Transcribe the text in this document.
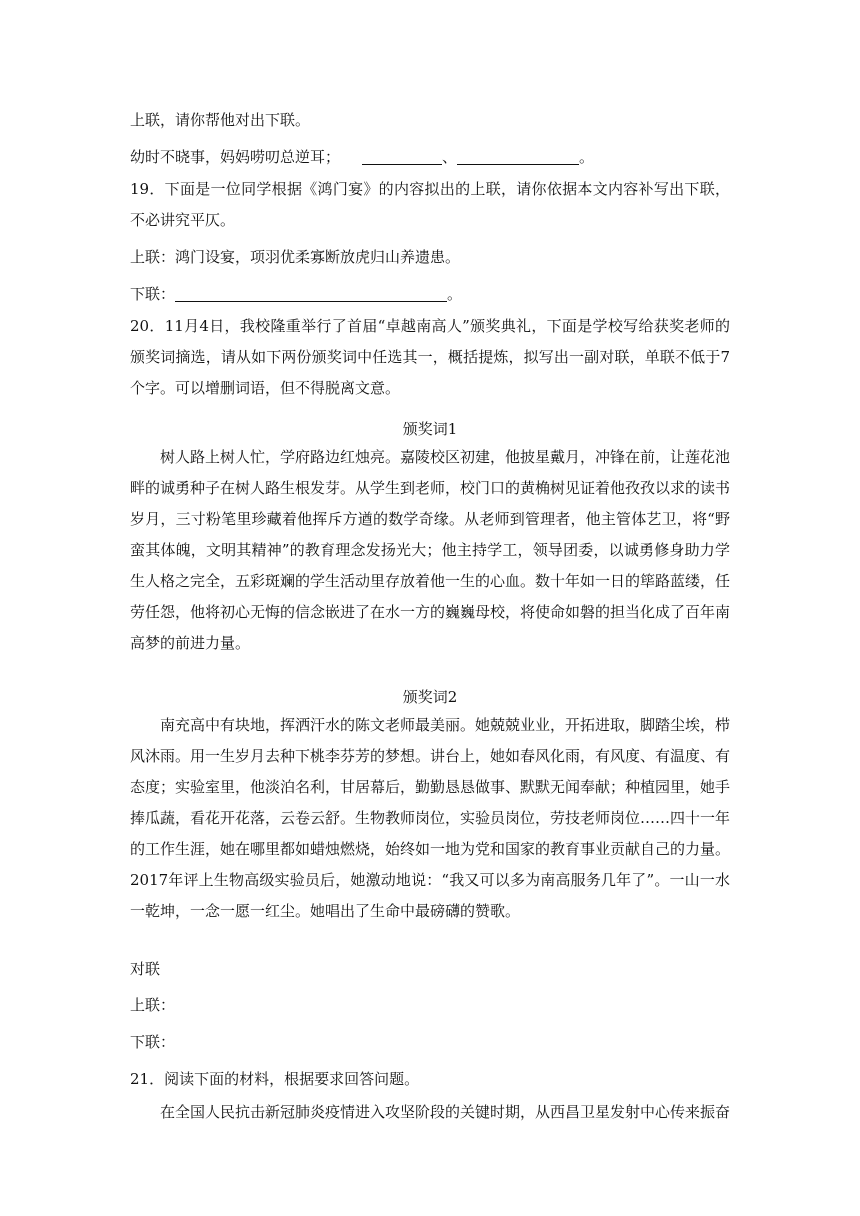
上联，请你帮他对出下联。
幼时不晓事，妈妈唠叨总逆耳；	、	。
19．下面是一位同学根据《鸿门宴》的内容拟出的上联，请你依据本文内容补写出下联，不必讲究平仄。
上联：鸿门设宴，项羽优柔寡断放虎归山养遗患。
下联：	。
20．11月4日，我校隆重举行了首届“卓越南高人”颁奖典礼，下面是学校写给获奖老师的颁奖词摘选，请从如下两份颁奖词中任选其一，概括提炼，拟写出一副对联，单联不低于7个字。可以增删词语，但不得脱离文意。
颁奖词1
树人路上树人忙，学府路边红烛亮。嘉陵校区初建，他披星戴月，冲锋在前，让莲花池畔的诚勇种子在树人路生根发芽。从学生到老师，校门口的黄桷树见证着他孜孜以求的读书岁月，三寸粉笔里珍藏着他挥斥方遒的数学奇缘。从老师到管理者，他主管体艺卫，将“野蛮其体魄，文明其精神”的教育理念发扬光大；他主持学工，领导团委，以诚勇修身助力学生人格之完全，五彩斑斓的学生活动里存放着他一生的心血。数十年如一日的筚路蓝缕，任劳任怨，他将初心无悔的信念嵌进了在水一方的巍巍母校，将使命如磐的担当化成了百年南高梦的前进力量。
颁奖词2
南充高中有块地，挥洒汗水的陈文老师最美丽。她兢兢业业，开拓进取，脚踏尘埃，栉风沐雨。用一生岁月去种下桃李芬芳的梦想。讲台上，她如春风化雨，有风度、有温度、有态度；实验室里，他淡泊名利，甘居幕后，勤勤恳恳做事、默默无闻奉献；种植园里，她手捧瓜蔬，看花开花落，云卷云舒。生物教师岗位，实验员岗位，劳技老师岗位……四十一年的工作生涯，她在哪里都如蜡烛燃烧，始终如一地为党和国家的教育事业贡献自己的力量。2017年评上生物高级实验员后，她激动地说：“我又可以多为南高服务几年了”。一山一水一乾坤，一念一愿一红尘。她唱出了生命中最磅礴的赞歌。
对联
上联：
下联：
21．阅读下面的材料，根据要求回答问题。
在全国人民抗击新冠肺炎疫情进入攻坚阶段的关键时期，从西昌卫星发射中心传来振奋
